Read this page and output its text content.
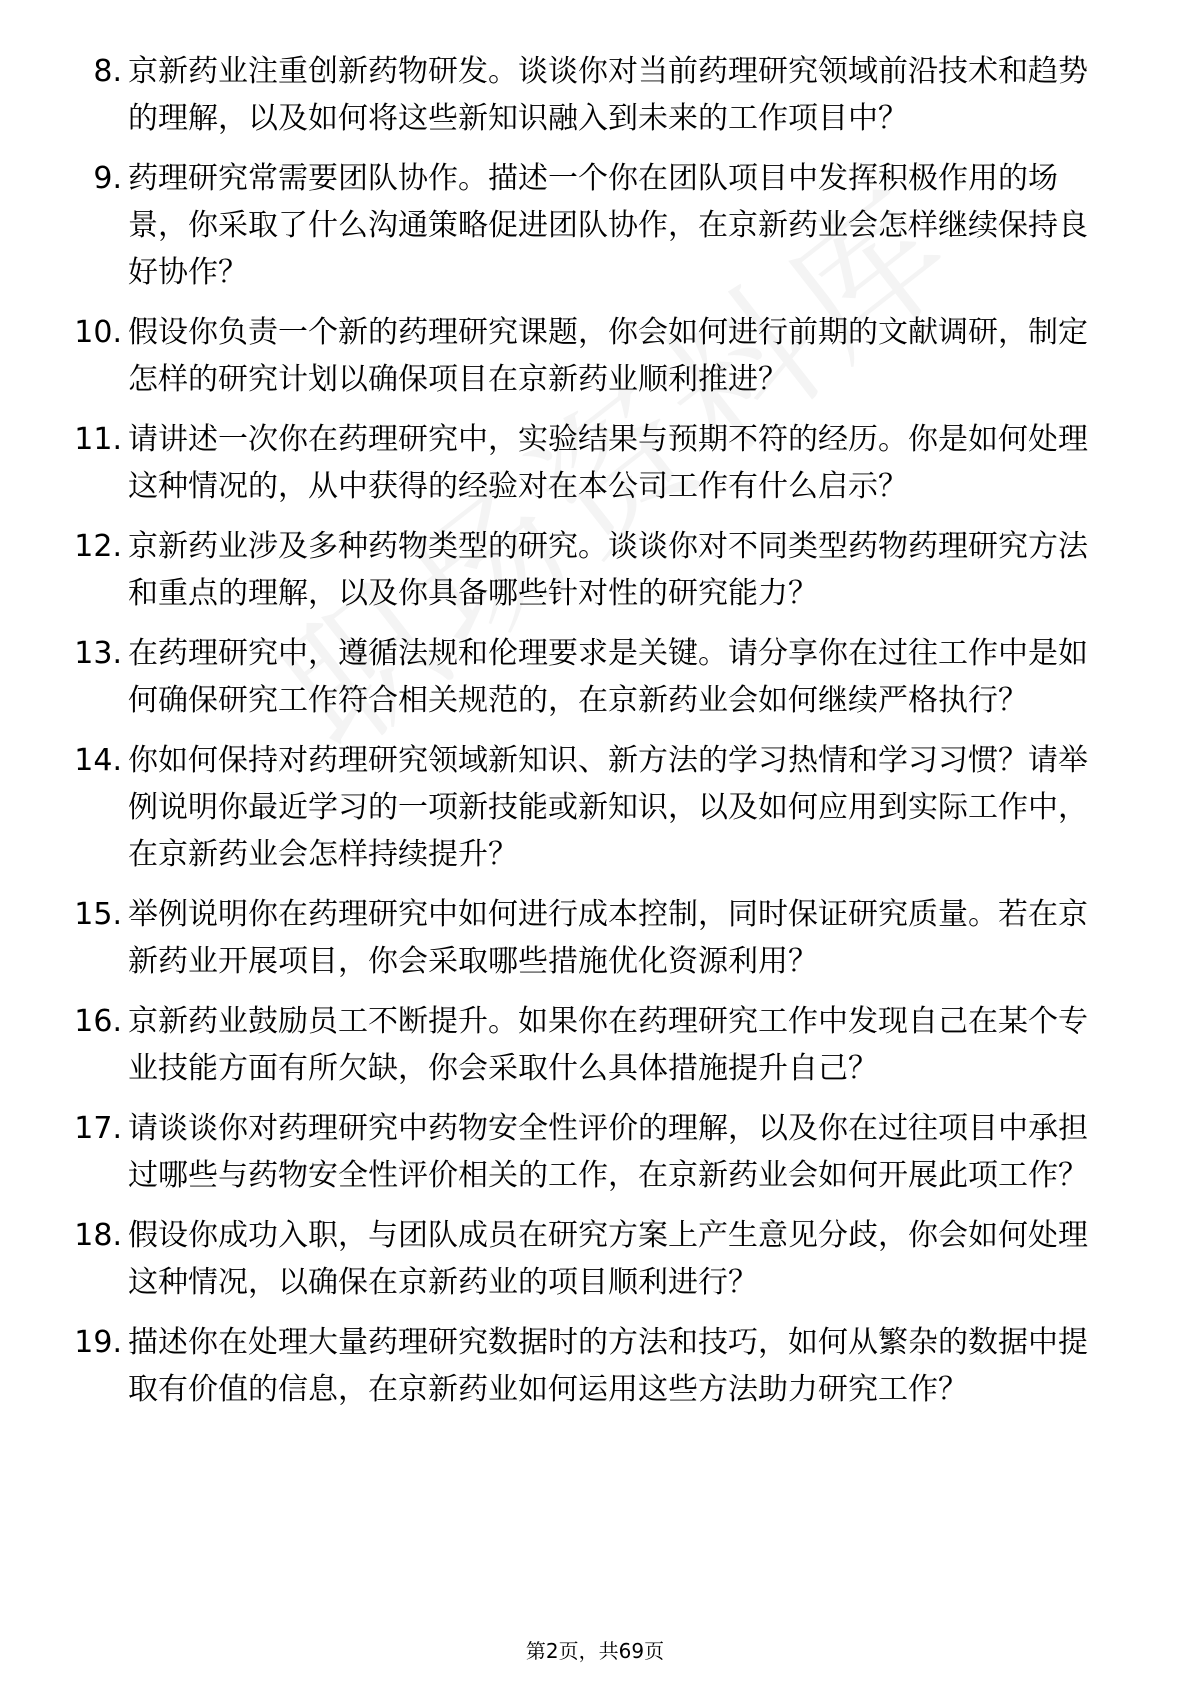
8. 京新药业注重创新药物研发。谈谈你对当前药理研究领域前沿技术和趋势的理解，以及如何将这些新知识融入到未来的工作项目中？
9. 药理研究常需要团队协作。描述一个你在团队项目中发挥积极作用的场景，你采取了什么沟通策略促进团队协作，在京新药业会怎样继续保持良好协作？
10. 假设你负责一个新的药理研究课题，你会如何进行前期的文献调研，制定怎样的研究计划以确保项目在京新药业顺利推进？
11. 请讲述一次你在药理研究中，实验结果与预期不符的经历。你是如何处理这种情况的，从中获得的经验对在本公司工作有什么启示？
12. 京新药业涉及多种药物类型的研究。谈谈你对不同类型药物药理研究方法和重点的理解，以及你具备哪些针对性的研究能力？
13. 在药理研究中，遵循法规和伦理要求是关键。请分享你在过往工作中是如何确保研究工作符合相关规范的，在京新药业会如何继续严格执行？
14. 你如何保持对药理研究领域新知识、新方法的学习热情和学习习惯？请举例说明你最近学习的一项新技能或新知识，以及如何应用到实际工作中，在京新药业会怎样持续提升？
15. 举例说明你在药理研究中如何进行成本控制，同时保证研究质量。若在京新药业开展项目，你会采取哪些措施优化资源利用？
16. 京新药业鼓励员工不断提升。如果你在药理研究工作中发现自己在某个专业技能方面有所欠缺，你会采取什么具体措施提升自己？
17. 请谈谈你对药理研究中药物安全性评价的理解，以及你在过往项目中承担过哪些与药物安全性评价相关的工作，在京新药业会如何开展此项工作？
18. 假设你成功入职，与团队成员在研究方案上产生意见分歧，你会如何处理这种情况，以确保在京新药业的项目顺利进行？
19. 描述你在处理大量药理研究数据时的方法和技巧，如何从繁杂的数据中提取有价值的信息，在京新药业如何运用这些方法助力研究工作？
第2页，共69页
